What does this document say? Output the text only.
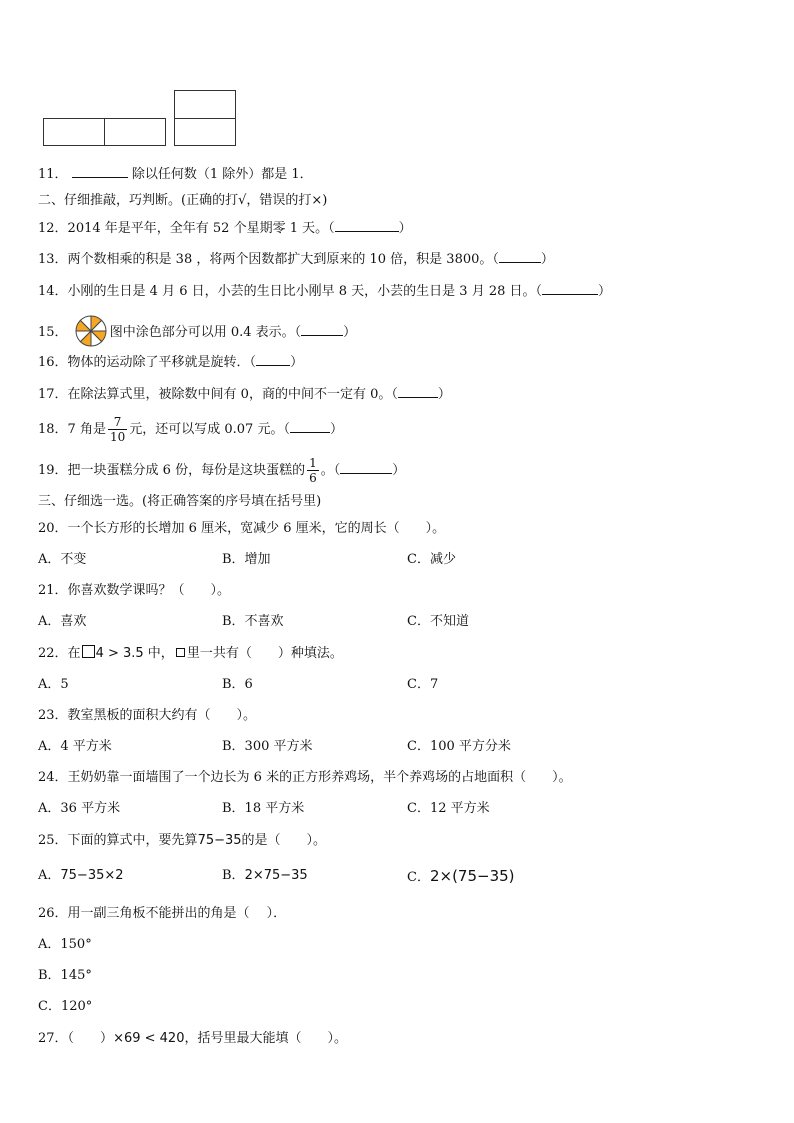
11．	除以任何数（1 除外）都是 1．
二、仔细推敲，巧判断。(正确的打√，错误的打×)
12．2014 年是平年，全年有 52 个星期零 1 天。（	）
13．两个数相乘的积是 38 ，将两个因数都扩大到原来的 10 倍，积是 3800。（	）
14．小刚的生日是 4 月 6 日，小芸的生日比小刚早 8 天，小芸的生日是 3 月 28 日。（	）
15．	图中涂色部分可以用 0.4 表示。（	）
16．物体的运动除了平移就是旋转．（	）
17．在除法算式里，被除数中间有 0，商的中间不一定有 0。（	）
18．7 角是 $\frac{7}{10}$ 元，还可以写成 0.07 元。（	）
19．把一块蛋糕分成 6 份，每份是这块蛋糕的 $\frac{1}{6}$ 。（	）
三、仔细选一选。(将正确答案的序号填在括号里)
20．一个长方形的长增加 6 厘米，宽减少 6 厘米，它的周长（　　）。
A．不变	B．增加	C．减少
21．你喜欢数学课吗？（　　）。
A．喜欢	B．不喜欢	C．不知道
22．在 4 > 3.5 中， 里一共有（　　）种填法。
A．5	B．6	C．7
23．教室黑板的面积大约有（　　）。
A．4 平方米	B．300 平方米	C．100 平方分米
24．王奶奶靠一面墙围了一个边长为 6 米的正方形养鸡场，半个养鸡场的占地面积（　　）。
A．36 平方米	B．18 平方米	C．12 平方米
25．下面的算式中，要先算75−35的是（　　）。
A．75−35×2	B．2×75−35	C．2×(75−35)
26．用一副三角板不能拼出的角是（　 ）．
A．150°
B．145°
C．120°
27．（　　）×69 < 420，括号里最大能填（　　）。
